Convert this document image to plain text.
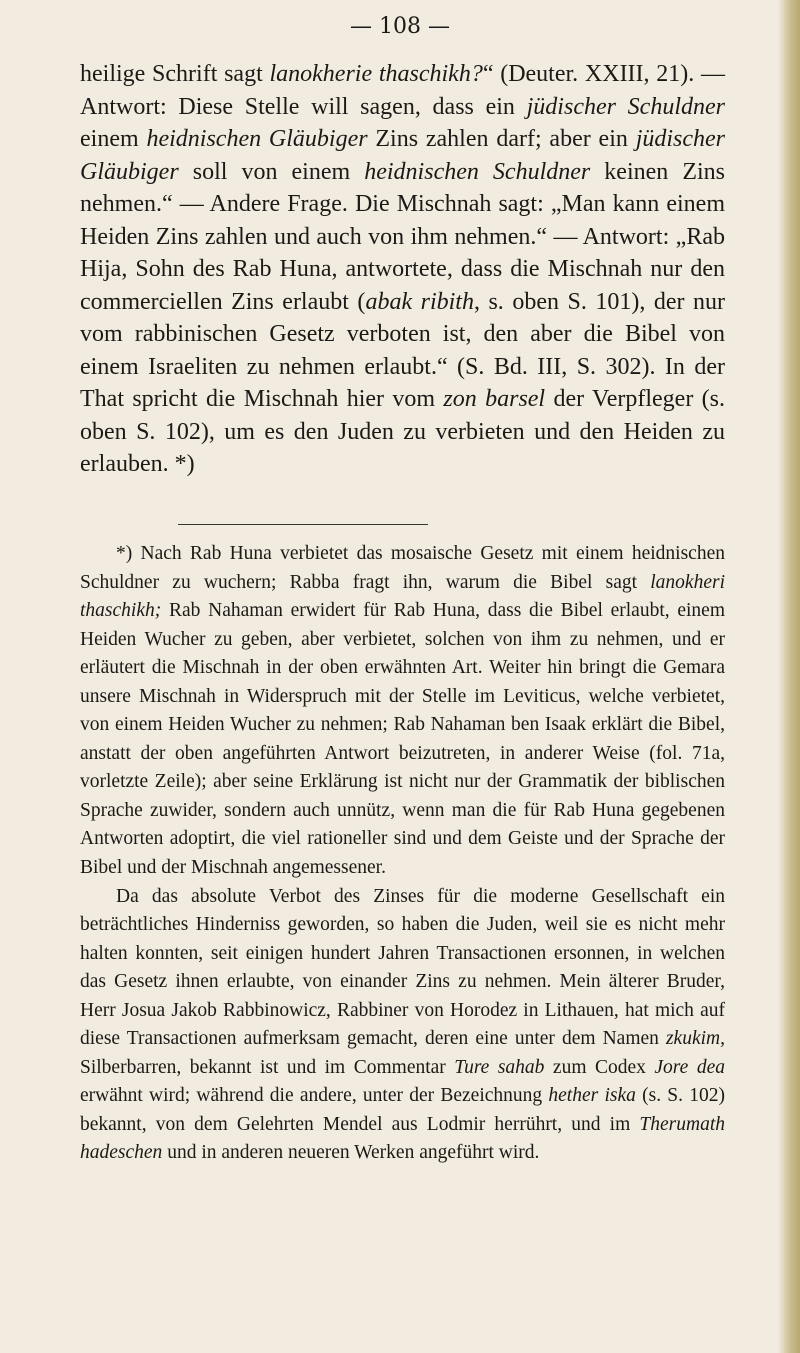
— 108 —

heilige Schrift sagt lanokherie thaschikh?“ (Deuter. XXIII, 21). — Antwort: Diese Stelle will sagen, dass ein jüdischer Schuldner einem heidnischen Gläubiger Zins zahlen darf; aber ein jüdischer Gläubiger soll von einem heidnischen Schuldner keinen Zins nehmen.“ — Andere Frage. Die Mischnah sagt: „Man kann einem Heiden Zins zahlen und auch von ihm nehmen.“ — Antwort: „Rab Hija, Sohn des Rab Huna, antwortete, dass die Mischnah nur den commerciellen Zins erlaubt (abak ribith, s. oben S. 101), der nur vom rabbinischen Gesetz verboten ist, den aber die Bibel von einem Israeliten zu nehmen erlaubt.“ (S. Bd. III, S. 302). In der That spricht die Mischnah hier vom zon barsel der Verpfleger (s. oben S. 102), um es den Juden zu verbieten und den Heiden zu erlauben. *)

*) Nach Rab Huna verbietet das mosaische Gesetz mit einem heidnischen Schuldner zu wuchern; Rabba fragt ihn, warum die Bibel sagt lanokheri thaschikh; Rab Nahaman erwidert für Rab Huna, dass die Bibel erlaubt, einem Heiden Wucher zu geben, aber verbietet, solchen von ihm zu nehmen, und er erläutert die Mischnah in der oben erwähnten Art. Weiter hin bringt die Gemara unsere Mischnah in Widerspruch mit der Stelle im Leviticus, welche verbietet, von einem Heiden Wucher zu nehmen; Rab Nahaman ben Isaak erklärt die Bibel, anstatt der oben angeführten Antwort beizutreten, in anderer Weise (fol. 71a, vorletzte Zeile); aber seine Erklärung ist nicht nur der Grammatik der biblischen Sprache zuwider, sondern auch unnütz, wenn man die für Rab Huna gegebenen Antworten adoptirt, die viel rationeller sind und dem Geiste und der Sprache der Bibel und der Mischnah angemessener.

Da das absolute Verbot des Zinses für die moderne Gesellschaft ein beträchtliches Hinderniss geworden, so haben die Juden, weil sie es nicht mehr halten konnten, seit einigen hundert Jahren Transactionen ersonnen, in welchen das Gesetz ihnen erlaubte, von einander Zins zu nehmen. Mein älterer Bruder, Herr Josua Jakob Rabbinowicz, Rabbiner von Horodez in Lithauen, hat mich auf diese Transactionen aufmerksam gemacht, deren eine unter dem Namen zkukim, Silberbarren, bekannt ist und im Commentar Ture sahab zum Codex Jore dea erwähnt wird; während die andere, unter der Bezeichnung hether iska (s. S. 102) bekannt, von dem Gelehrten Mendel aus Lodmir herrührt, und im Therumath hadeschen und in anderen neueren Werken angeführt wird.
